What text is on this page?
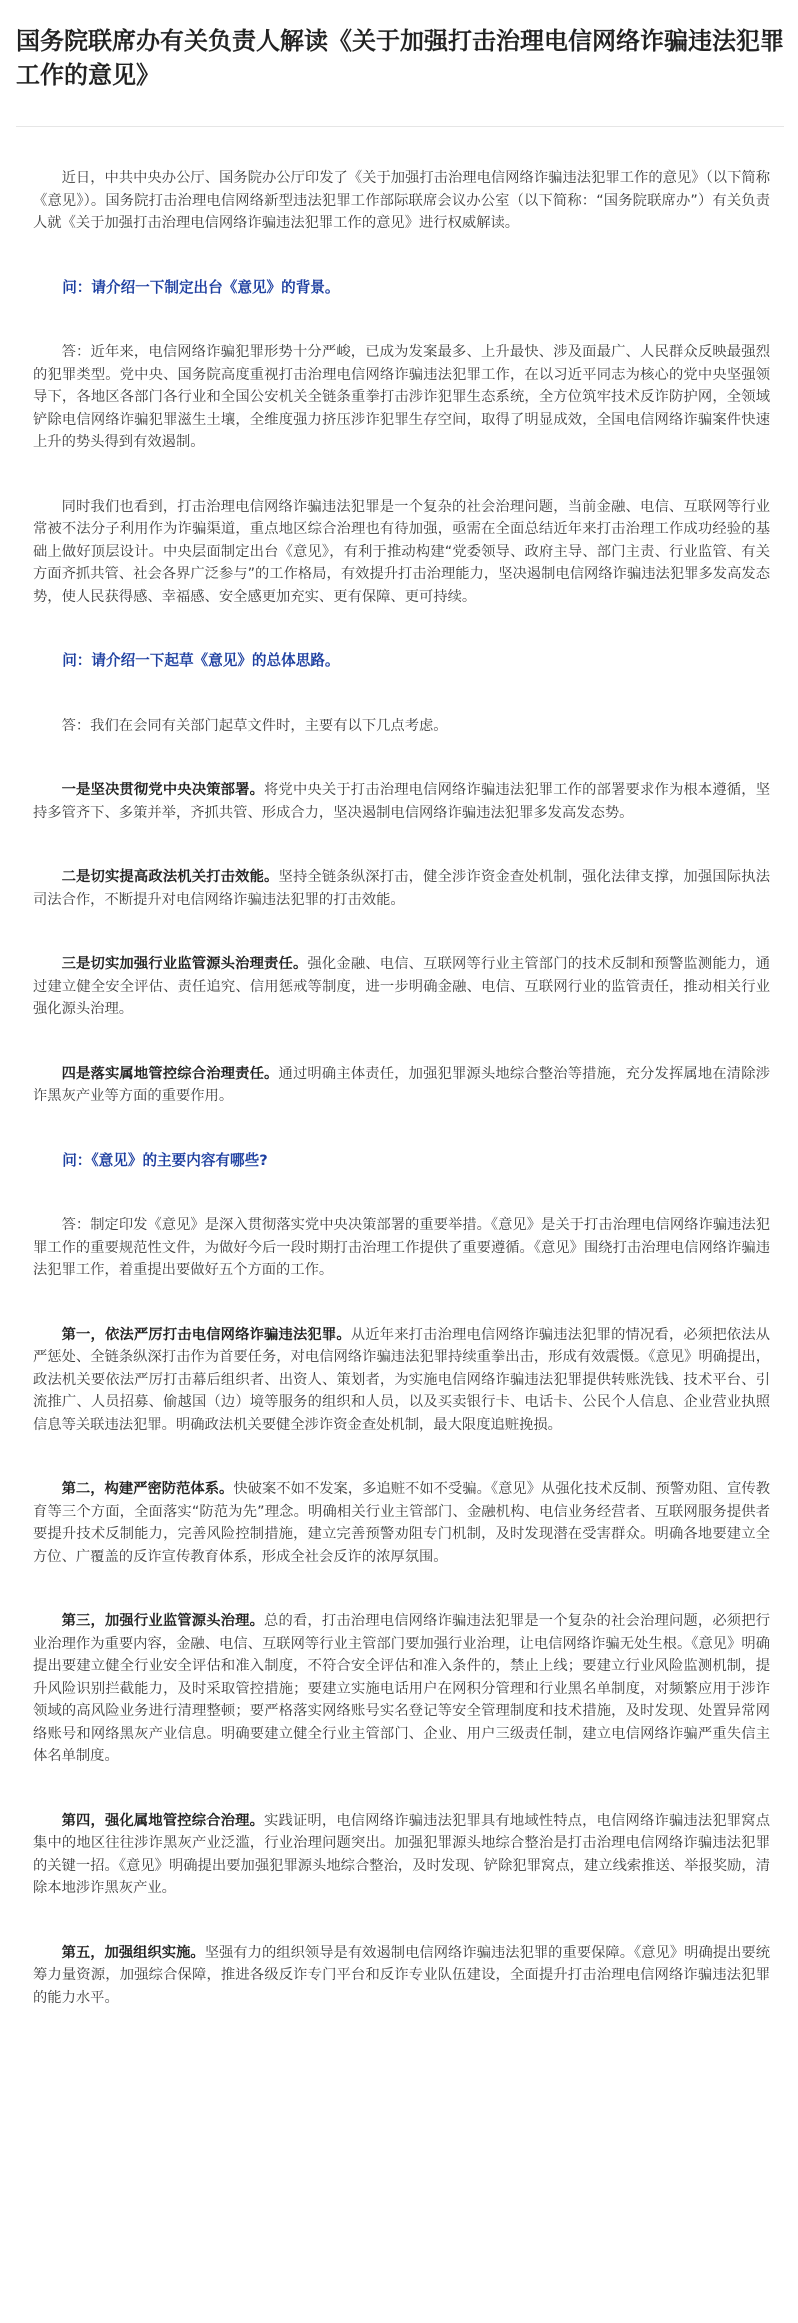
国务院联席办有关负责人解读《关于加强打击治理电信网络诈骗违法犯罪工作的意见》

近日，中共中央办公厅、国务院办公厅印发了《关于加强打击治理电信网络诈骗违法犯罪工作的意见》（以下简称《意见》）。国务院打击治理电信网络新型违法犯罪工作部际联席会议办公室（以下简称：“国务院联席办”）有关负责人就《关于加强打击治理电信网络诈骗违法犯罪工作的意见》进行权威解读。

问：请介绍一下制定出台《意见》的背景。

答：近年来，电信网络诈骗犯罪形势十分严峻，已成为发案最多、上升最快、涉及面最广、人民群众反映最强烈的犯罪类型。党中央、国务院高度重视打击治理电信网络诈骗违法犯罪工作，在以习近平同志为核心的党中央坚强领导下，各地区各部门各行业和全国公安机关全链条重拳打击涉诈犯罪生态系统，全方位筑牢技术反诈防护网，全领域铲除电信网络诈骗犯罪滋生土壤，全维度强力挤压涉诈犯罪生存空间，取得了明显成效，全国电信网络诈骗案件快速上升的势头得到有效遏制。

同时我们也看到，打击治理电信网络诈骗违法犯罪是一个复杂的社会治理问题，当前金融、电信、互联网等行业常被不法分子利用作为诈骗渠道，重点地区综合治理也有待加强，亟需在全面总结近年来打击治理工作成功经验的基础上做好顶层设计。中央层面制定出台《意见》，有利于推动构建“党委领导、政府主导、部门主责、行业监管、有关方面齐抓共管、社会各界广泛参与”的工作格局，有效提升打击治理能力，坚决遏制电信网络诈骗违法犯罪多发高发态势，使人民获得感、幸福感、安全感更加充实、更有保障、更可持续。

问：请介绍一下起草《意见》的总体思路。

答：我们在会同有关部门起草文件时，主要有以下几点考虑。

一是坚决贯彻党中央决策部署。将党中央关于打击治理电信网络诈骗违法犯罪工作的部署要求作为根本遵循，坚持多管齐下、多策并举，齐抓共管、形成合力，坚决遏制电信网络诈骗违法犯罪多发高发态势。

二是切实提高政法机关打击效能。坚持全链条纵深打击，健全涉诈资金查处机制，强化法律支撑，加强国际执法司法合作，不断提升对电信网络诈骗违法犯罪的打击效能。

三是切实加强行业监管源头治理责任。强化金融、电信、互联网等行业主管部门的技术反制和预警监测能力，通过建立健全安全评估、责任追究、信用惩戒等制度，进一步明确金融、电信、互联网行业的监管责任，推动相关行业强化源头治理。

四是落实属地管控综合治理责任。通过明确主体责任，加强犯罪源头地综合整治等措施，充分发挥属地在清除涉诈黑灰产业等方面的重要作用。

问：《意见》的主要内容有哪些?

答：制定印发《意见》是深入贯彻落实党中央决策部署的重要举措。《意见》是关于打击治理电信网络诈骗违法犯罪工作的重要规范性文件，为做好今后一段时期打击治理工作提供了重要遵循。《意见》围绕打击治理电信网络诈骗违法犯罪工作，着重提出要做好五个方面的工作。

第一，依法严厉打击电信网络诈骗违法犯罪。从近年来打击治理电信网络诈骗违法犯罪的情况看，必须把依法从严惩处、全链条纵深打击作为首要任务，对电信网络诈骗违法犯罪持续重拳出击，形成有效震慑。《意见》明确提出，政法机关要依法严厉打击幕后组织者、出资人、策划者，为实施电信网络诈骗违法犯罪提供转账洗钱、技术平台、引流推广、人员招募、偷越国（边）境等服务的组织和人员，以及买卖银行卡、电话卡、公民个人信息、企业营业执照信息等关联违法犯罪。明确政法机关要健全涉诈资金查处机制，最大限度追赃挽损。

第二，构建严密防范体系。快破案不如不发案，多追赃不如不受骗。《意见》从强化技术反制、预警劝阻、宣传教育等三个方面，全面落实“防范为先”理念。明确相关行业主管部门、金融机构、电信业务经营者、互联网服务提供者要提升技术反制能力，完善风险控制措施，建立完善预警劝阻专门机制，及时发现潜在受害群众。明确各地要建立全方位、广覆盖的反诈宣传教育体系，形成全社会反诈的浓厚氛围。

第三，加强行业监管源头治理。总的看，打击治理电信网络诈骗违法犯罪是一个复杂的社会治理问题，必须把行业治理作为重要内容，金融、电信、互联网等行业主管部门要加强行业治理，让电信网络诈骗无处生根。《意见》明确提出要建立健全行业安全评估和准入制度，不符合安全评估和准入条件的，禁止上线；要建立行业风险监测机制，提升风险识别拦截能力，及时采取管控措施；要建立实施电话用户在网积分管理和行业黑名单制度，对频繁应用于涉诈领域的高风险业务进行清理整顿；要严格落实网络账号实名登记等安全管理制度和技术措施，及时发现、处置异常网络账号和网络黑灰产业信息。明确要建立健全行业主管部门、企业、用户三级责任制，建立电信网络诈骗严重失信主体名单制度。

第四，强化属地管控综合治理。实践证明，电信网络诈骗违法犯罪具有地域性特点，电信网络诈骗违法犯罪窝点集中的地区往往涉诈黑灰产业泛滥，行业治理问题突出。加强犯罪源头地综合整治是打击治理电信网络诈骗违法犯罪的关键一招。《意见》明确提出要加强犯罪源头地综合整治，及时发现、铲除犯罪窝点，建立线索推送、举报奖励，清除本地涉诈黑灰产业。

第五，加强组织实施。坚强有力的组织领导是有效遏制电信网络诈骗违法犯罪的重要保障。《意见》明确提出要统筹力量资源，加强综合保障，推进各级反诈专门平台和反诈专业队伍建设，全面提升打击治理电信网络诈骗违法犯罪的能力水平。
